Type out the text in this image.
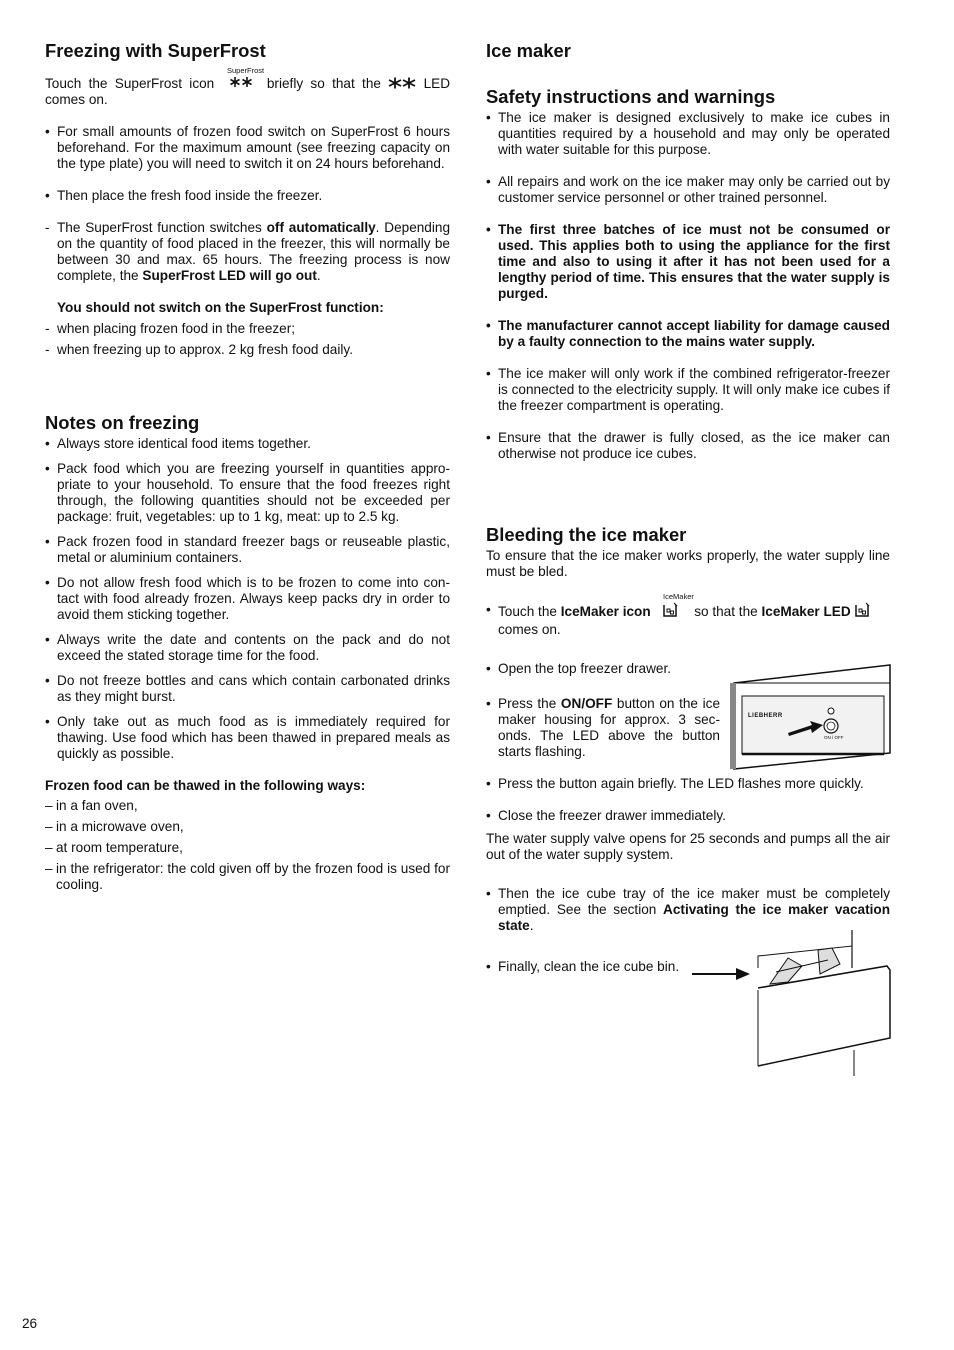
Freezing with SuperFrost

Touch the SuperFrost icon
SuperFrost
briefly so that the	LED comes on.

• For small amounts of frozen food switch on SuperFrost 6 hours beforehand. For the maximum amount (see freezing capacity on the type plate) you will need to switch it on 24 hours beforehand.
• Then place the fresh food inside the freezer.
- The SuperFrost function switches off automatically. Depending on the quantity of food placed in the freezer, this will normally be between 30 and max. 65 hours. The freezing process is now complete, the SuperFrost LED will go out.
You should not switch on the SuperFrost function:
- when placing frozen food in the freezer;
- when freezing up to approx. 2 kg fresh food daily.
Notes on freezing
• Always store identical food items together.
• Pack food which you are freezing yourself in quantities appro-priate to your household. To ensure that the food freezes right through, the following quantities should not be exceeded per package: fruit, vegetables: up to 1 kg, meat: up to 2.5 kg.
• Pack frozen food in standard freezer bags or reuseable plastic, metal or aluminium containers.
• Do not allow fresh food which is to be frozen to come into con-tact with food already frozen. Always keep packs dry in order to avoid them sticking together.
• Always write the date and contents on the pack and do not exceed the stated storage time for the food.
• Do not freeze bottles and cans which contain carbonated drinks as they might burst.
• Only take out as much food as is immediately required for thawing. Use food which has been thawed in prepared meals as quickly as possible.
Frozen food can be thawed in the following ways:
– in a fan oven,
– in a microwave oven,
– at room temperature,
– in the refrigerator: the cold given off by the frozen food is used for cooling.
Ice maker
Safety instructions and warnings
• The ice maker is designed exclusively to make ice cubes in quantities required by a household and may only be operated with water suitable for this purpose.
• All repairs and work on the ice maker may only be carried out by customer service personnel or other trained personnel.
• The first three batches of ice must not be consumed or used. This applies both to using the appliance for the first time and also to using it after it has not been used for a lengthy period of time. This ensures that the water supply is purged.
• The manufacturer cannot accept liability for damage caused by a faulty connection to the mains water supply.
• The ice maker will only work if the combined refrigerator-freezer is connected to the electricity supply. It will only make ice cubes if the freezer compartment is operating.
• Ensure that the drawer is fully closed, as the ice maker can otherwise not produce ice cubes.
Bleeding the ice maker

To ensure that the ice maker works properly, the water supply line must be bled.

• Touch the IceMaker icon
IceMaker
so that the IceMaker LED
comes on.
• Open the top freezer drawer.
• Press the ON/OFF button on the ice maker housing for approx. 3 sec-onds. The LED above the button starts flashing.
• Press the button again briefly. The LED flashes more quickly.
• Close the freezer drawer immediately.

The water supply valve opens for 25 seconds and pumps all the air out of the water supply system.

• Then the ice cube tray of the ice maker must be completely emptied. See the section Activating the ice maker vacation state.
• Finally, clean the ice cube bin.
LIEBHERR
ON / OFF
26
